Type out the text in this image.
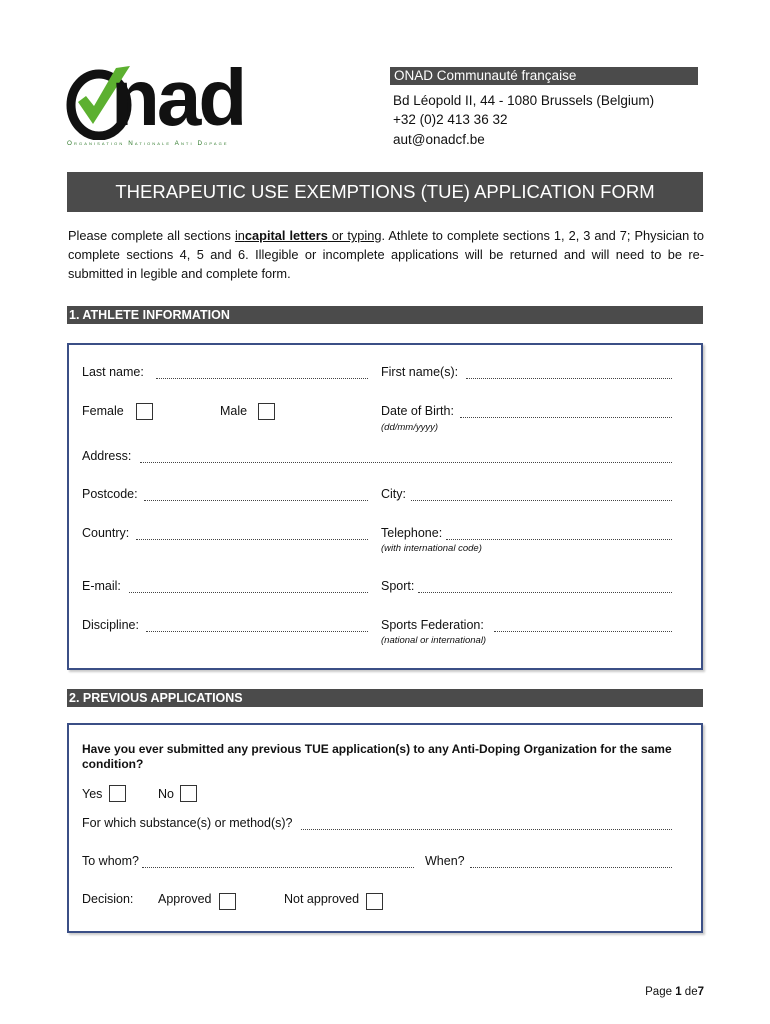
nad
Organisation Nationale Anti Dopage
ONAD Communauté française
Bd Léopold II, 44 - 1080 Brussels (Belgium)
+32 (0)2 413 36 32
aut@onadcf.be
THERAPEUTIC USE EXEMPTIONS (TUE) APPLICATION FORM
Please complete all sections incapital letters or typing. Athlete to complete sections 1, 2, 3 and 7; Physician to complete sections 4, 5 and 6. Illegible or incomplete applications will be returned and will need to be re-submitted in legible and complete form.
1. ATHLETE INFORMATION
Last name:	First name(s):
Female	Male	Date of Birth:
(dd/mm/yyyy)
Address:
Postcode:	City:
Country:	Telephone:
(with international code)
E-mail:	Sport:
Discipline:	Sports Federation:
(national or international)
2. PREVIOUS APPLICATIONS
Have you ever submitted any previous TUE application(s) to any Anti-Doping Organization for the same condition?
Yes	No
For which substance(s) or method(s)?
To whom?	When?
Decision: Approved	Not approved
Page 1 de7
